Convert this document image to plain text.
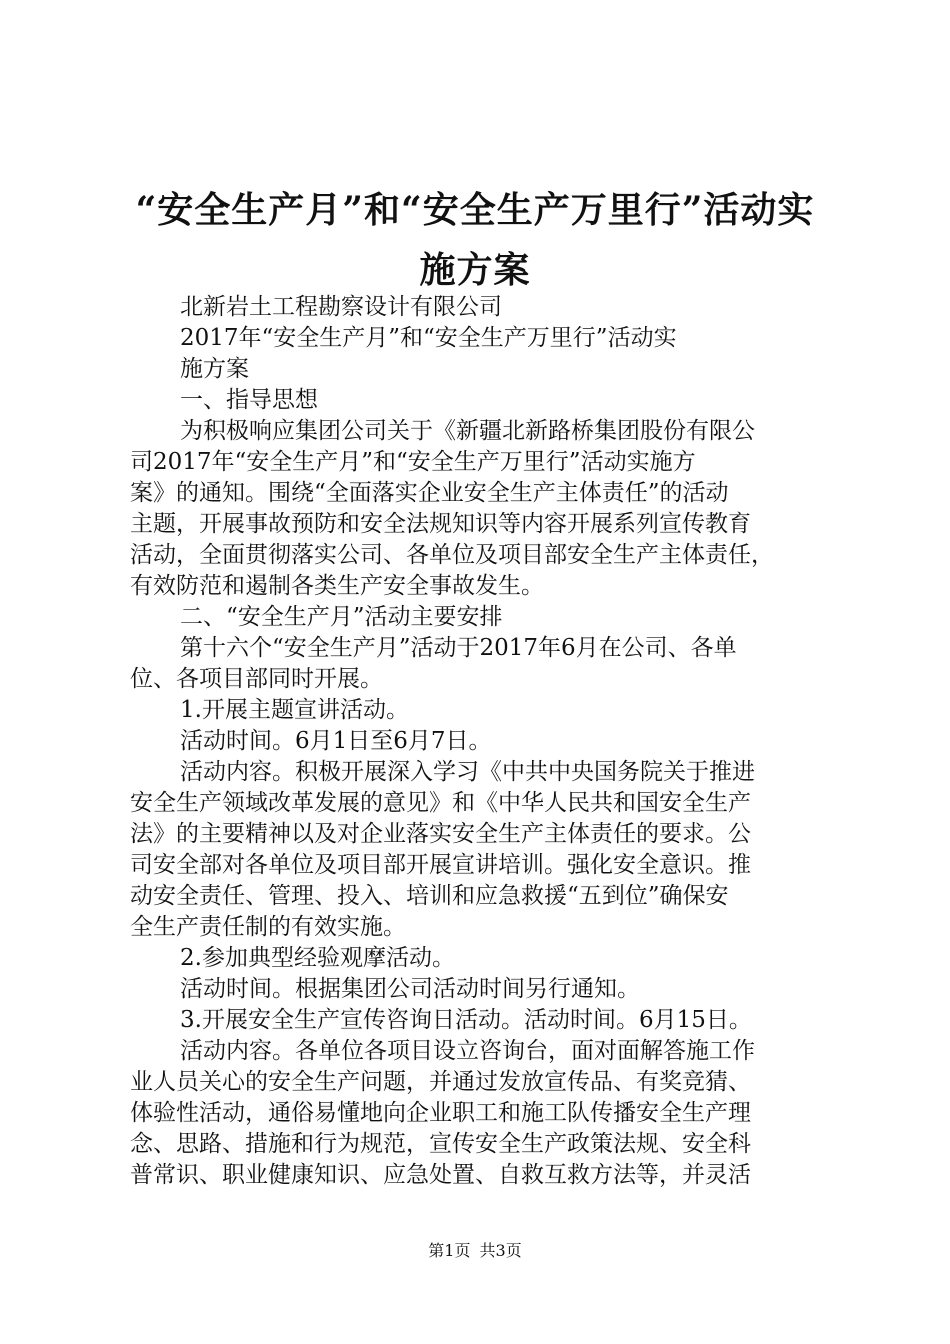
“安全生产月”和“安全生产万里行”活动实
施方案

北新岩土工程勘察设计有限公司

2017年“安全生产月”和“安全生产万里行”活动实

施方案

一、指导思想

为积极响应集团公司关于《新疆北新路桥集团股份有限公

司2017年“安全生产月”和“安全生产万里行”活动实施方

案》的通知。围绕“全面落实企业安全生产主体责任”的活动

主题，开展事故预防和安全法规知识等内容开展系列宣传教育

活动，全面贯彻落实公司、各单位及项目部安全生产主体责任，

有效防范和遏制各类生产安全事故发生。

二、“安全生产月”活动主要安排

第十六个“安全生产月”活动于2017年6月在公司、各单

位、各项目部同时开展。

1.开展主题宣讲活动。

活动时间。6月1日至6月7日。

活动内容。积极开展深入学习《中共中央国务院关于推进

安全生产领域改革发展的意见》和《中华人民共和国安全生产

法》的主要精神以及对企业落实安全生产主体责任的要求。公

司安全部对各单位及项目部开展宣讲培训。强化安全意识。推

动安全责任、管理、投入、培训和应急救援“五到位”确保安

全生产责任制的有效实施。

2.参加典型经验观摩活动。

活动时间。根据集团公司活动时间另行通知。

3.开展安全生产宣传咨询日活动。活动时间。6月15日。

活动内容。各单位各项目设立咨询台，面对面解答施工作

业人员关心的安全生产问题，并通过发放宣传品、有奖竞猜、

体验性活动，通俗易懂地向企业职工和施工队传播安全生产理

念、思路、措施和行为规范，宣传安全生产政策法规、安全科

普常识、职业健康知识、应急处置、自救互救方法等，并灵活

第1页 共3页
